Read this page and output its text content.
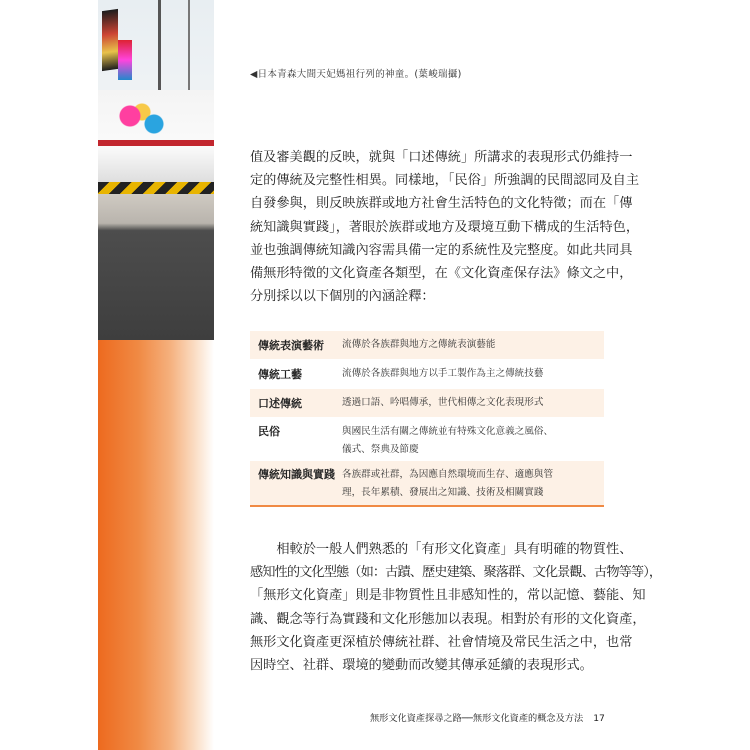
◀日本青森大間天妃媽祖行列的神童。(葉峻瑞攝)
值及審美觀的反映，就與「口述傳統」所講求的表現形式仍維持一
定的傳統及完整性相異。同樣地，「民俗」所強調的民間認同及自主
自發參與，則反映族群或地方社會生活特色的文化特徵；而在「傳
統知識與實踐」，著眼於族群或地方及環境互動下構成的生活特色，
並也強調傳統知識內容需具備一定的系統性及完整度。如此共同具
備無形特徵的文化資產各類型，在《文化資產保存法》條文之中，
分別採以以下個別的內涵詮釋：
傳統表演藝術	流傳於各族群與地方之傳統表演藝能
傳統工藝	流傳於各族群與地方以手工製作為主之傳統技藝
口述傳統	透過口語、吟唱傳承，世代相傳之文化表現形式
民俗	與國民生活有關之傳統並有特殊文化意義之風俗、
儀式、祭典及節慶
傳統知識與實踐 各族群或社群，為因應自然環境而生存、適應與管
理，長年累積、發展出之知識、技術及相關實踐
　　相較於一般人們熟悉的「有形文化資產」具有明確的物質性、
感知性的文化型態（如：古蹟、歷史建築、聚落群、文化景觀、古物等等），
「無形文化資產」則是非物質性且非感知性的，常以記憶、藝能、知
識、觀念等行為實踐和文化形態加以表現。相對於有形的文化資產，
無形文化資產更深植於傳統社群、社會情境及常民生活之中，也常
因時空、社群、環境的變動而改變其傳承延續的表現形式。
無形文化資產探尋之路──無形文化資產的概念及方法 17
